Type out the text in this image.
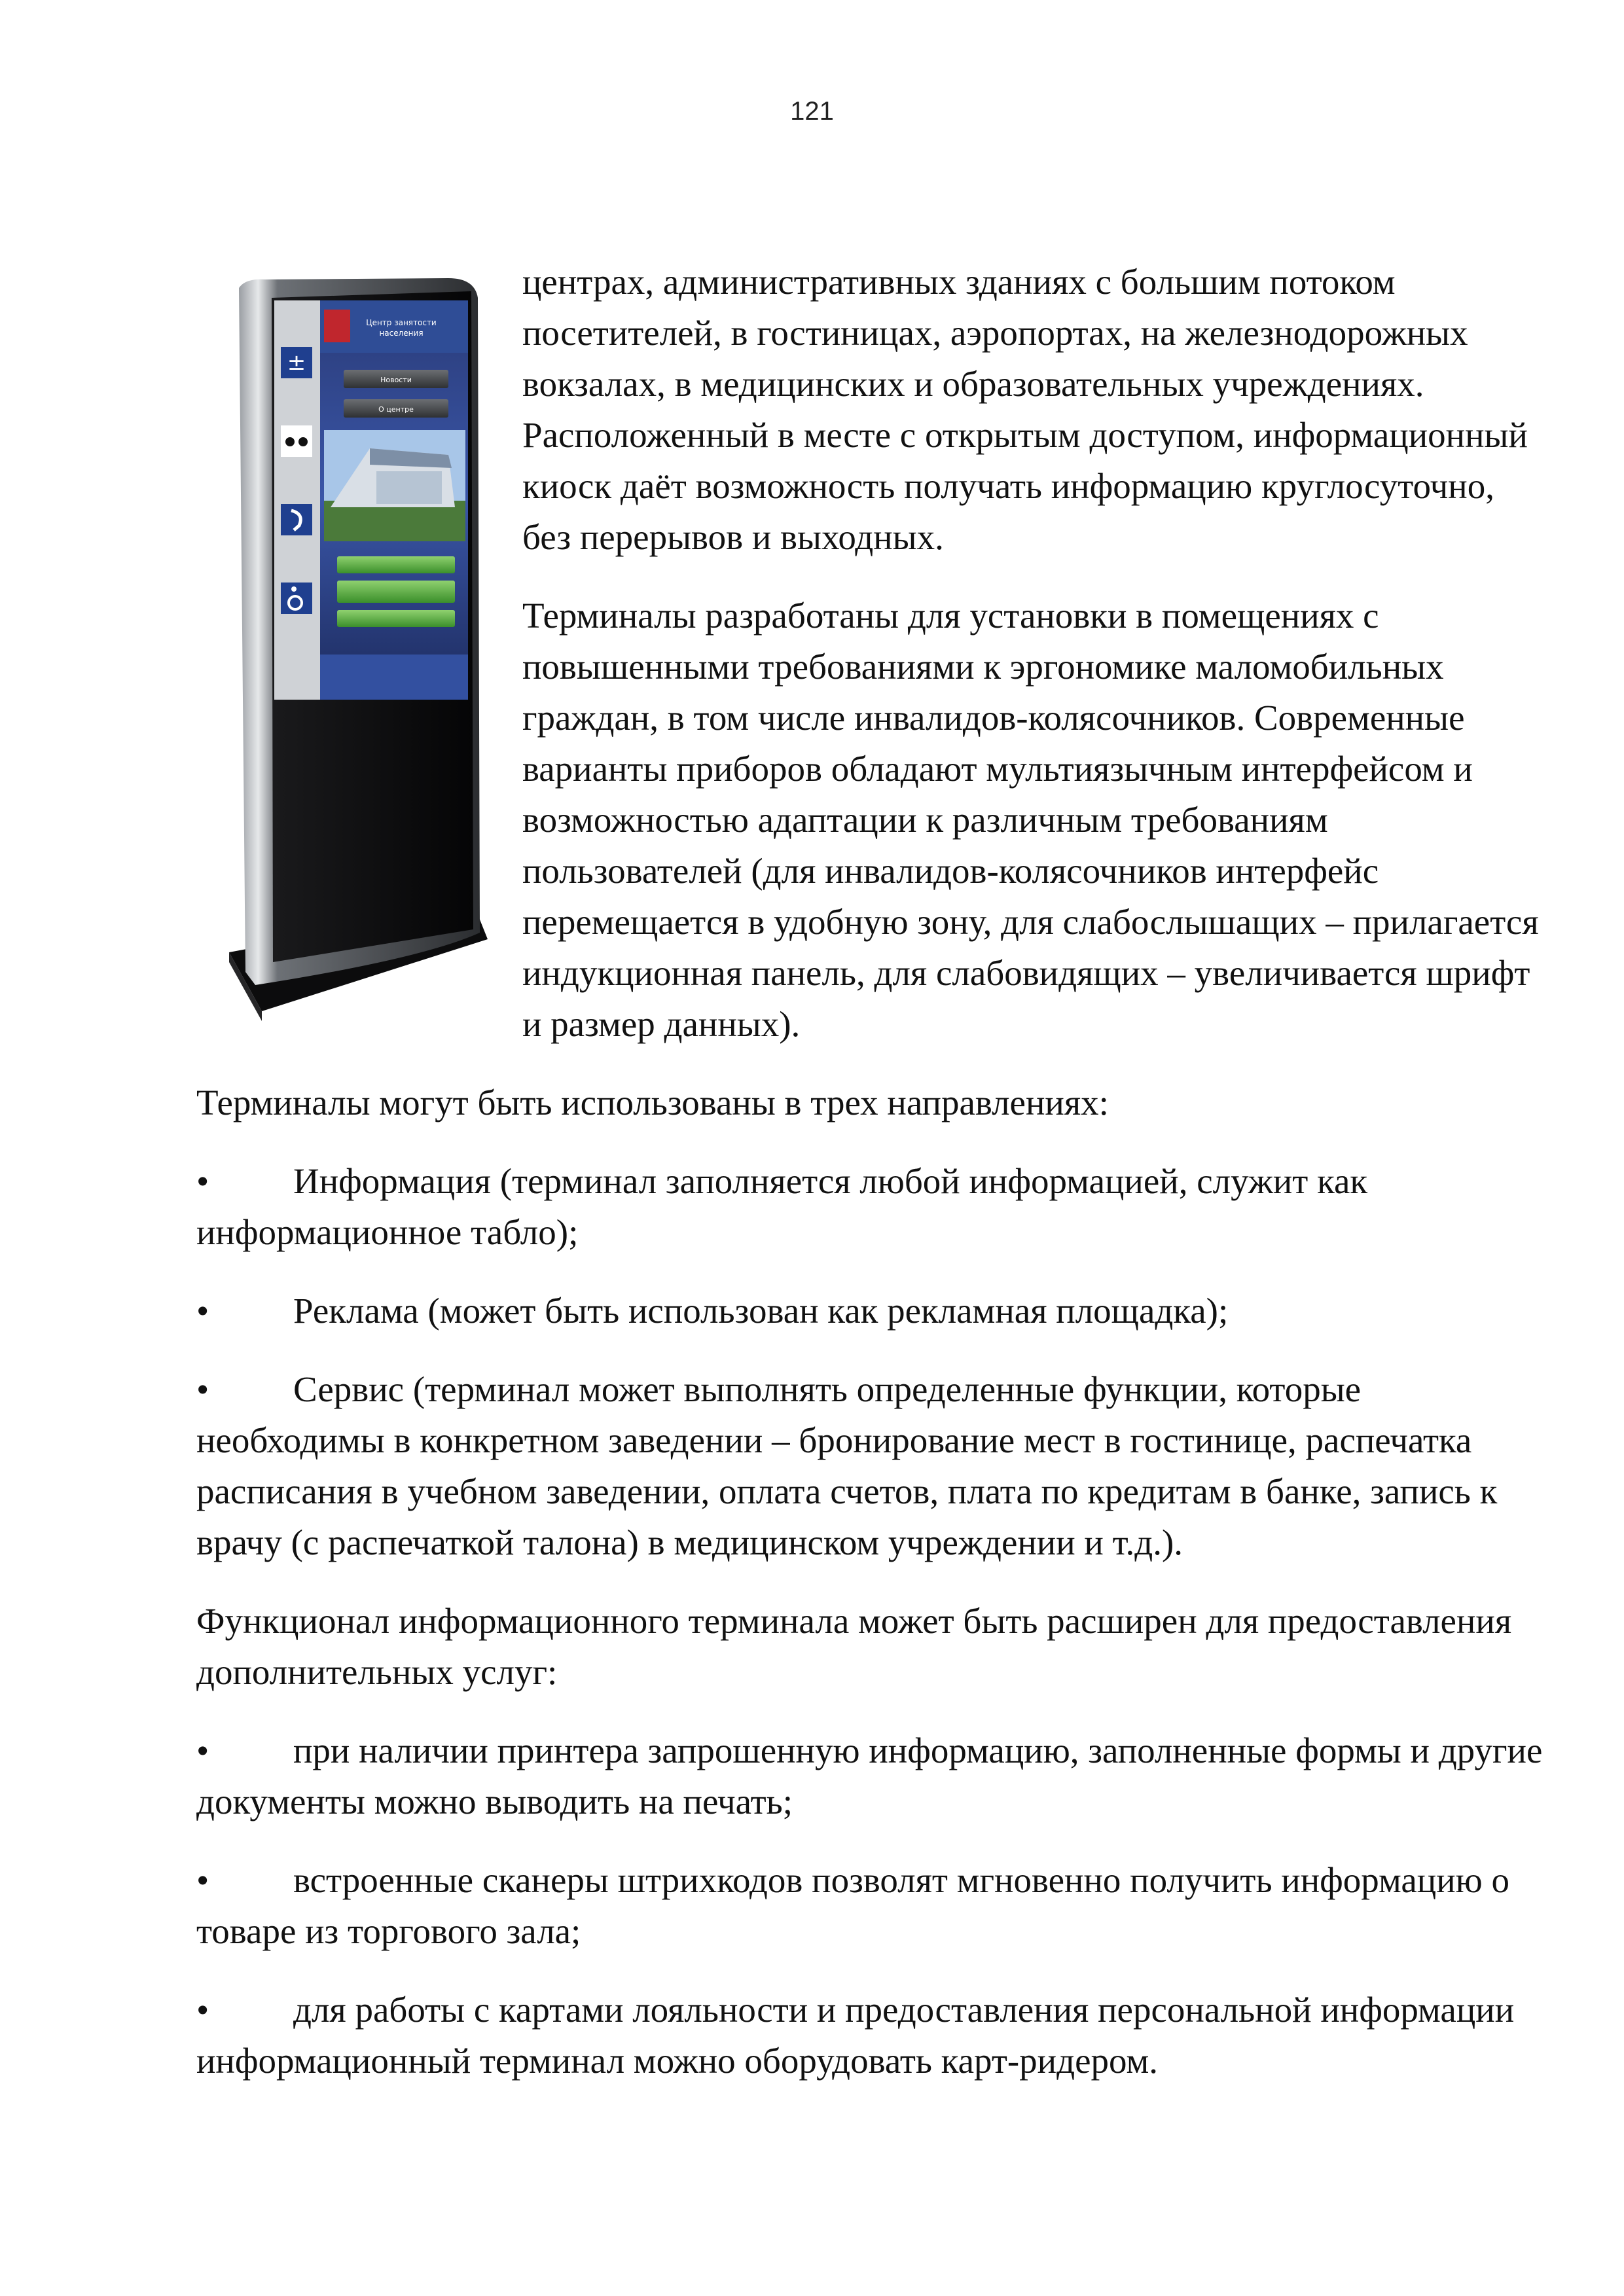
121
±
Центр занятости
населения
Новости
О центре

центрах, административных зданиях с большим потоком посетителей, в гостиницах, аэропортах, на железнодорожных вокзалах, в медицинских и образовательных учреждениях. Расположенный в месте с открытым доступом, информационный киоск даёт возможность получать информацию круглосуточно, без перерывов и выходных.

Терминалы разработаны для установки в помещениях с повышенными требованиями к эргономике маломобильных граждан, в том числе инвалидов-колясочников. Современные варианты приборов обладают мультиязычным интерфейсом и возможностью адаптации к различным требованиям пользователей (для инвалидов-колясочников интерфейс перемещается в удобную зону, для слабослышащих – прилагается индукционная панель, для слабовидящих – увеличивается шрифт и размер данных).

Терминалы могут быть использованы в трех направлениях:

• Информация (терминал заполняется любой информацией, служит как информационное табло);

• Реклама (может быть использован как рекламная площадка);

• Сервис (терминал может выполнять определенные функции, которые необходимы в конкретном заведении – бронирование мест в гостинице, распечатка расписания в учебном заведении, оплата счетов, плата по кредитам в банке, запись к врачу (с распечаткой талона) в медицинском учреждении и т.д.).

Функционал информационного терминала может быть расширен для предоставления дополнительных услуг:

• при наличии принтера запрошенную информацию, заполненные формы и другие документы можно выводить на печать;

• встроенные сканеры штрихкодов позволят мгновенно получить информацию о товаре из торгового зала;

• для работы с картами лояльности и предоставления персональной информации информационный терминал можно оборудовать карт-ридером.
